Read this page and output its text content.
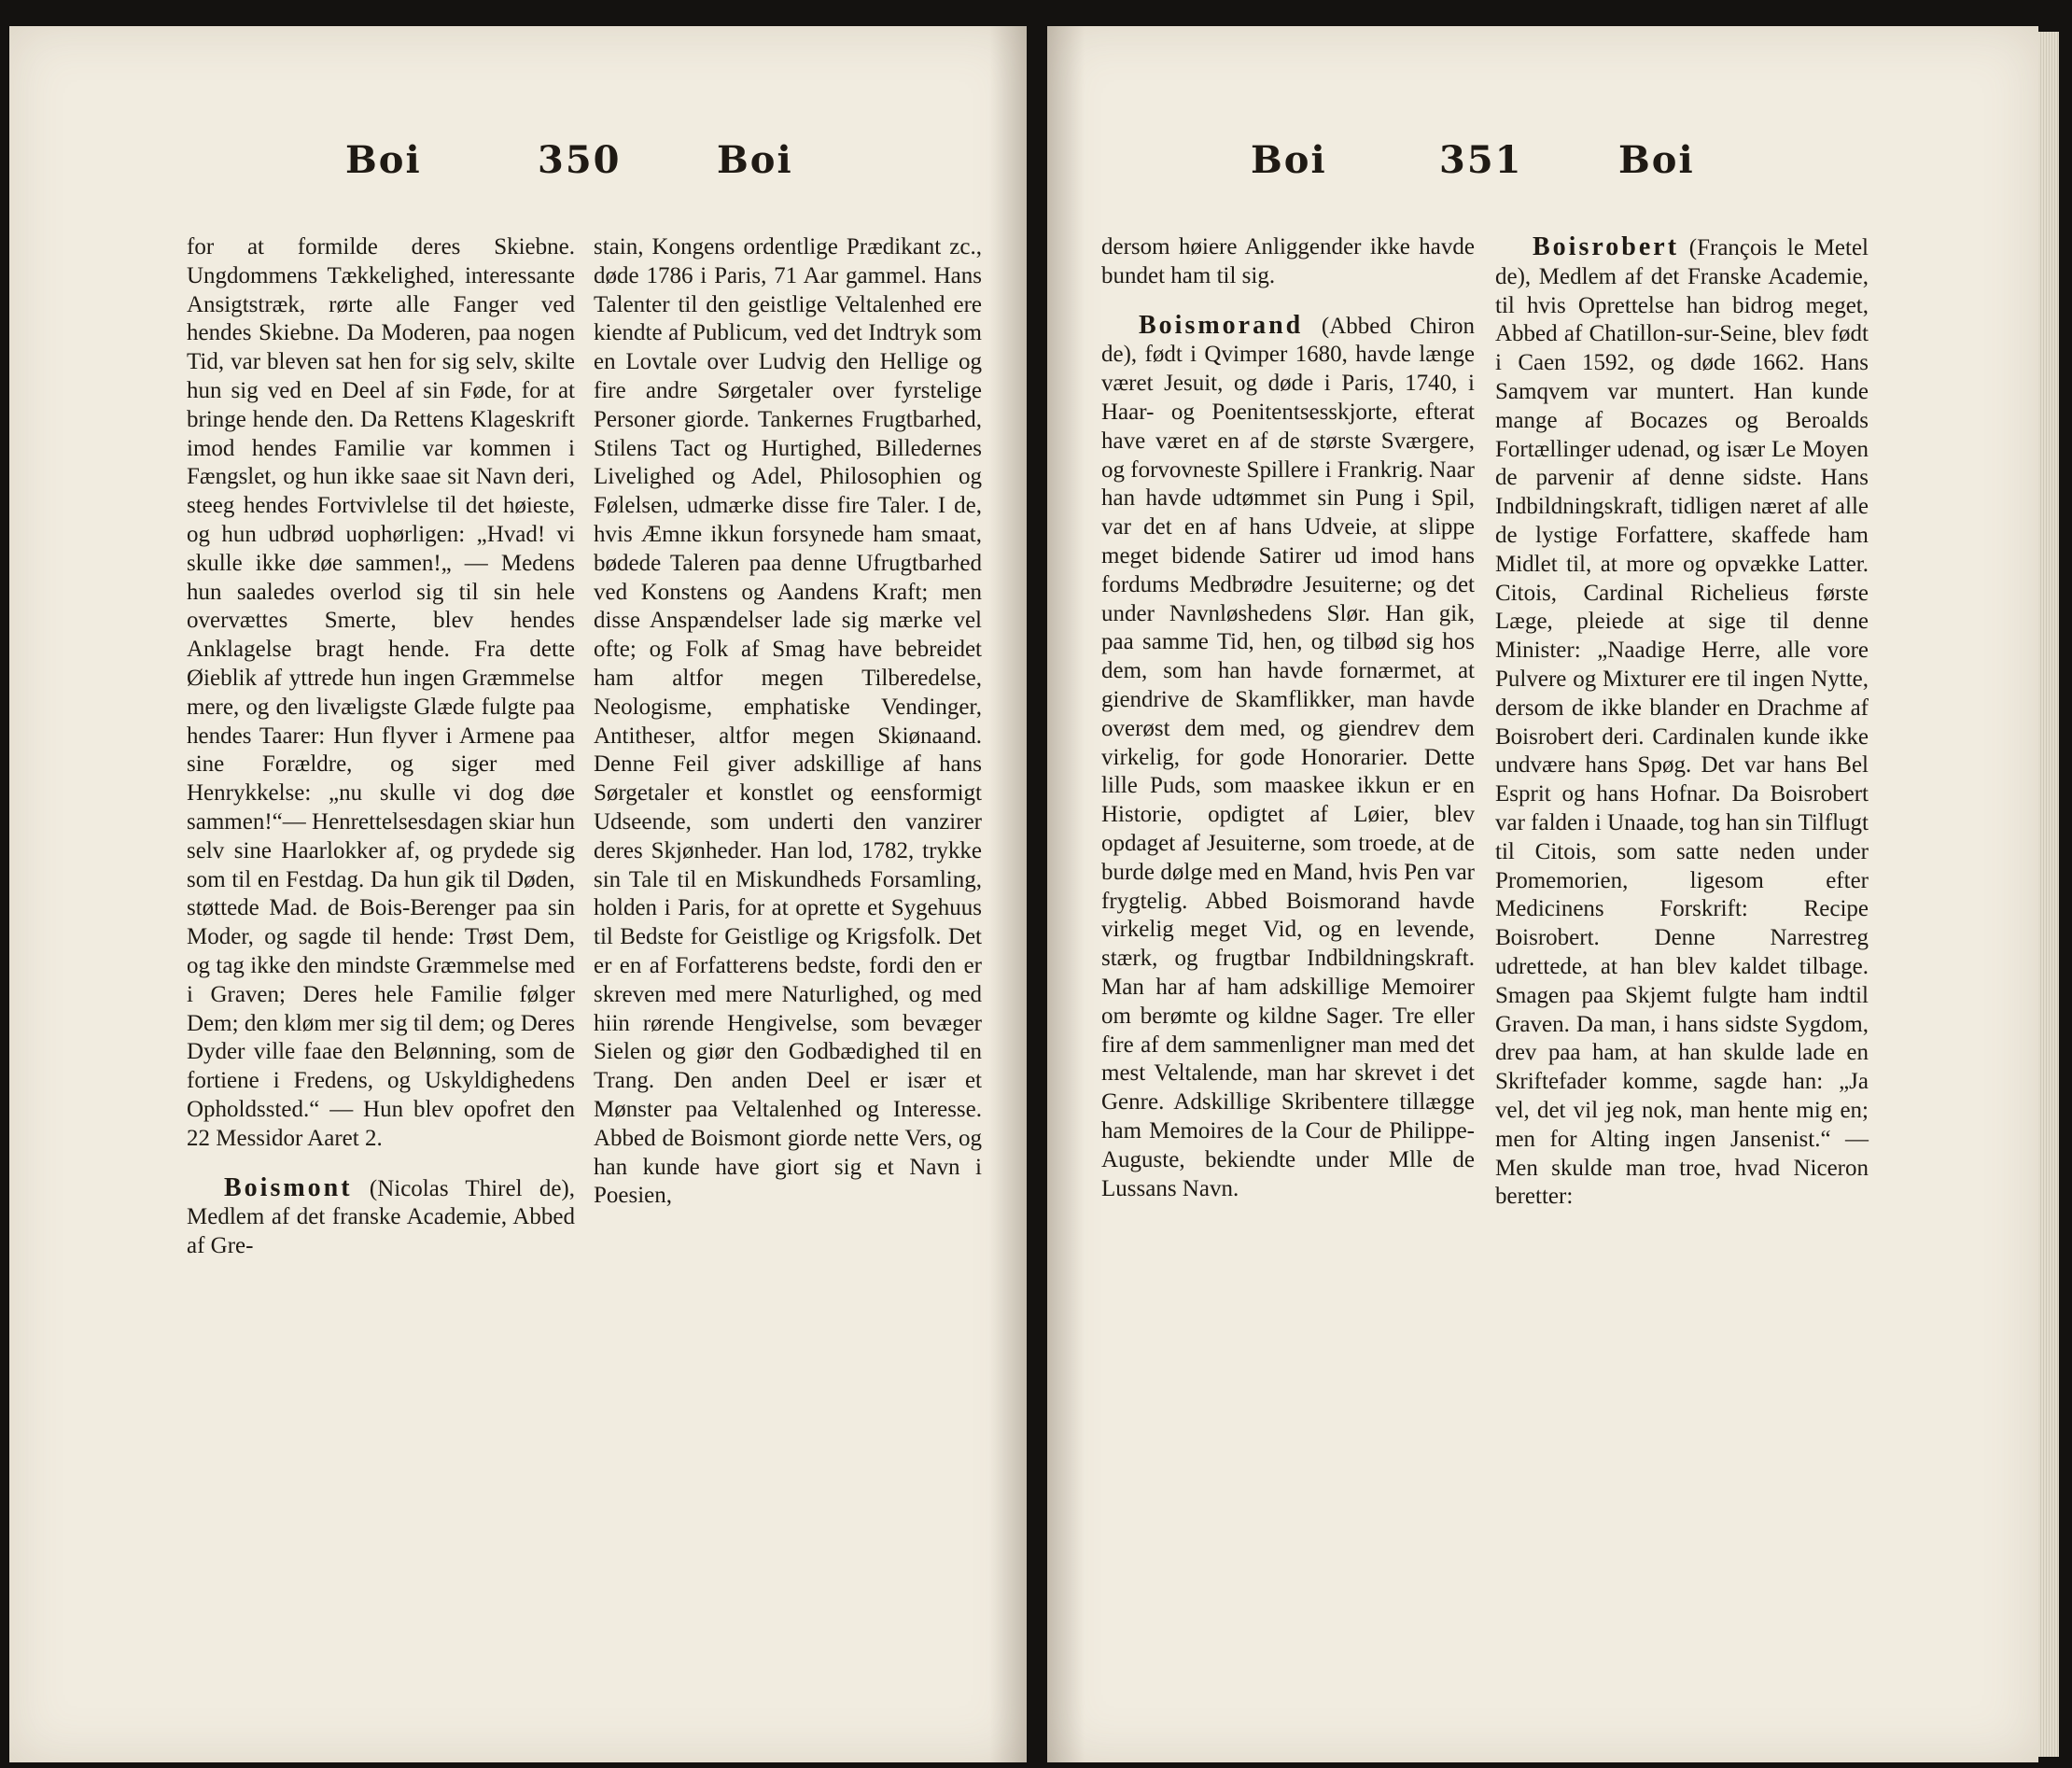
Boi	350	Boi

for at formilde deres Skiebne. Ungdommens Tækkelighed, interessante Ansigtstræk, rørte alle Fanger ved hendes Skiebne. Da Moderen, paa nogen Tid, var bleven sat hen for sig selv, skilte hun sig ved en Deel af sin Føde, for at bringe hende den. Da Rettens Klageskrift imod hendes Familie var kommen i Fængslet, og hun ikke saae sit Navn deri, steeg hendes Fortvivlelse til det høieste, og hun udbrød uophørligen: „Hvad! vi skulle ikke døe sammen!„ — Medens hun saaledes overlod sig til sin hele overvættes Smerte, blev hendes Anklagelse bragt hende. Fra dette Øieblik af yttrede hun ingen Græmmelse mere, og den livæligste Glæde fulgte paa hendes Taarer: Hun flyver i Armene paa sine Forældre, og siger med Henrykkelse: „nu skulle vi dog døe sammen!“— Henrettelsesdagen skiar hun selv sine Haarlokker af, og prydede sig som til en Festdag. Da hun gik til Døden, støttede Mad. de Bois-Berenger paa sin Moder, og sagde til hende: Trøst Dem, og tag ikke den mindste Græmmelse med i Graven; Deres hele Familie følger Dem; den kløm mer sig til dem; og Deres Dyder ville faae den Belønning, som de fortiene i Fredens, og Uskyldighedens Opholdssted.“ — Hun blev opofret den 22 Messidor Aaret 2.

Boismont (Nicolas Thirel de), Medlem af det franske Academie, Abbed af Gre-

stain, Kongens ordentlige Prædikant zc., døde 1786 i Paris, 71 Aar gammel. Hans Talenter til den geistlige Veltalenhed ere kiendte af Publicum, ved det Indtryk som en Lovtale over Ludvig den Hellige og fire andre Sørgetaler over fyrstelige Personer giorde. Tankernes Frugtbarhed, Stilens Tact og Hurtighed, Billedernes Livelighed og Adel, Philosophien og Følelsen, udmærke disse fire Taler. I de, hvis Æmne ikkun forsynede ham smaat, bødede Taleren paa denne Ufrugtbarhed ved Konstens og Aandens Kraft; men disse Anspændelser lade sig mærke vel ofte; og Folk af Smag have bebreidet ham altfor megen Tilberedelse, Neologisme, emphatiske Vendinger, Antitheser, altfor megen Skiønaand. Denne Feil giver adskillige af hans Sørgetaler et konstlet og eensformigt Udseende, som underti den vanzirer deres Skjønheder. Han lod, 1782, trykke sin Tale til en Miskundheds Forsamling, holden i Paris, for at oprette et Sygehuus til Bedste for Geistlige og Krigsfolk. Det er en af Forfatterens bedste, fordi den er skreven med mere Naturlighed, og med hiin rørende Hengivelse, som bevæger Sielen og giør den Godbædighed til en Trang. Den anden Deel er især et Mønster paa Veltalenhed og Interesse. Abbed de Boismont giorde nette Vers, og han kunde have giort sig et Navn i Poesien,

Boi	351	Boi

dersom høiere Anliggender ikke havde bundet ham til sig.

Boismorand (Abbed Chiron de), født i Qvimper 1680, havde længe været Jesuit, og døde i Paris, 1740, i Haar- og Poenitentsesskjorte, efterat have været en af de største Sværgere, og forvovneste Spillere i Frankrig. Naar han havde udtømmet sin Pung i Spil, var det en af hans Udveie, at slippe meget bidende Satirer ud imod hans fordums Medbrødre Jesuiterne; og det under Navnløshedens Slør. Han gik, paa samme Tid, hen, og tilbød sig hos dem, som han havde fornærmet, at giendrive de Skamflikker, man havde overøst dem med, og giendrev dem virkelig, for gode Honorarier. Dette lille Puds, som maaskee ikkun er en Historie, opdigtet af Løier, blev opdaget af Jesuiterne, som troede, at de burde dølge med en Mand, hvis Pen var frygtelig. Abbed Boismorand havde virkelig meget Vid, og en levende, stærk, og frugtbar Indbildningskraft. Man har af ham adskillige Memoirer om berømte og kildne Sager. Tre eller fire af dem sammenligner man med det mest Veltalende, man har skrevet i det Genre. Adskillige Skribentere tillægge ham Memoires de la Cour de Philippe-Auguste, bekiendte under Mlle de Lussans Navn.

Boisrobert (François le Metel de), Medlem af det Franske Academie, til hvis Oprettelse han bidrog meget, Abbed af Chatillon-sur-Seine, blev født i Caen 1592, og døde 1662. Hans Samqvem var muntert. Han kunde mange af Bocazes og Beroalds Fortællinger udenad, og især Le Moyen de parvenir af denne sidste. Hans Indbildningskraft, tidligen næret af alle de lystige Forfattere, skaffede ham Midlet til, at more og opvække Latter. Citois, Cardinal Richelieus første Læge, pleiede at sige til denne Minister: „Naadige Herre, alle vore Pulvere og Mixturer ere til ingen Nytte, dersom de ikke blander en Drachme af Boisrobert deri. Cardinalen kunde ikke undvære hans Spøg. Det var hans Bel Esprit og hans Hofnar. Da Boisrobert var falden i Unaade, tog han sin Tilflugt til Citois, som satte neden under Promemorien, ligesom efter Medicinens Forskrift: Recipe Boisrobert. Denne Narrestreg udrettede, at han blev kaldet tilbage. Smagen paa Skjemt fulgte ham indtil Graven. Da man, i hans sidste Sygdom, drev paa ham, at han skulde lade en Skriftefader komme, sagde han: „Ja vel, det vil jeg nok, man hente mig en; men for Alting ingen Jansenist.“ — Men skulde man troe, hvad Niceron beretter:
